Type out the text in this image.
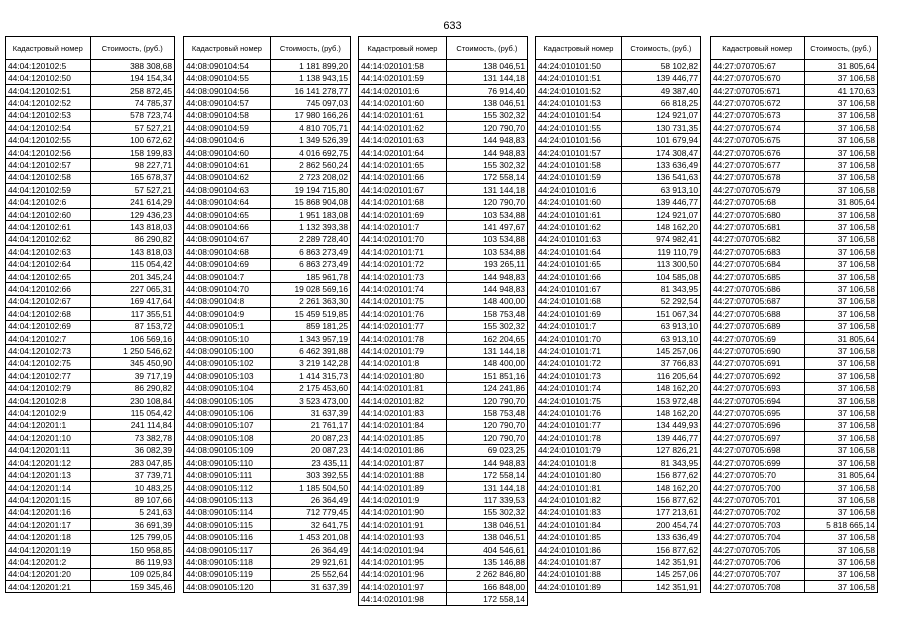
633
Кадастровый номер	Стоимость, (руб.)
44:04:120102:5	388 308,68
44:04:120102:50	194 154,34
44:04:120102:51	258 872,45
44:04:120102:52	74 785,37
44:04:120102:53	578 723,74
44:04:120102:54	57 527,21
44:04:120102:55	100 672,62
44:04:120102:56	158 199,83
44:04:120102:57	98 227,71
44:04:120102:58	165 678,37
44:04:120102:59	57 527,21
44:04:120102:6	241 614,29
44:04:120102:60	129 436,23
44:04:120102:61	143 818,03
44:04:120102:62	86 290,82
44:04:120102:63	143 818,03
44:04:120102:64	115 054,42
44:04:120102:65	201 345,24
44:04:120102:66	227 065,31
44:04:120102:67	169 417,64
44:04:120102:68	117 355,51
44:04:120102:69	87 153,72
44:04:120102:7	106 569,16
44:04:120102:73	1 250 546,62
44:04:120102:75	345 450,90
44:04:120102:77	39 717,19
44:04:120102:79	86 290,82
44:04:120102:8	230 108,84
44:04:120102:9	115 054,42
44:04:120201:1	241 114,84
44:04:120201:10	73 382,78
44:04:120201:11	36 082,39
44:04:120201:12	283 047,85
44:04:120201:13	37 739,71
44:04:120201:14	10 483,25
44:04:120201:15	89 107,66
44:04:120201:16	5 241,63
44:04:120201:17	36 691,39
44:04:120201:18	125 799,05
44:04:120201:19	150 958,85
44:04:120201:2	86 119,93
44:04:120201:20	109 025,84
44:04:120201:21	159 345,46
Кадастровый номер	Стоимость, (руб.)
44:08:090104:54	1 181 899,20
44:08:090104:55	1 138 943,15
44:08:090104:56	16 141 278,77
44:08:090104:57	745 097,03
44:08:090104:58	17 980 166,26
44:08:090104:59	4 810 705,71
44:08:090104:6	1 349 526,39
44:08:090104:60	4 016 692,75
44:08:090104:61	2 862 560,24
44:08:090104:62	2 723 208,02
44:08:090104:63	19 194 715,80
44:08:090104:64	15 868 904,08
44:08:090104:65	1 951 183,08
44:08:090104:66	1 132 393,38
44:08:090104:67	2 289 728,40
44:08:090104:68	6 863 273,49
44:08:090104:69	6 863 273,49
44:08:090104:7	185 961,78
44:08:090104:70	19 028 569,16
44:08:090104:8	2 261 363,30
44:08:090104:9	15 459 519,85
44:08:090105:1	859 181,25
44:08:090105:10	1 343 957,19
44:08:090105:100	6 462 391,88
44:08:090105:102	3 219 142,28
44:08:090105:103	1 414 315,73
44:08:090105:104	2 175 453,60
44:08:090105:105	3 523 473,00
44:08:090105:106	31 637,39
44:08:090105:107	21 761,17
44:08:090105:108	20 087,23
44:08:090105:109	20 087,23
44:08:090105:110	23 435,11
44:08:090105:111	303 392,55
44:08:090105:112	1 185 504,50
44:08:090105:113	26 364,49
44:08:090105:114	712 779,45
44:08:090105:115	32 641,75
44:08:090105:116	1 453 201,08
44:08:090105:117	26 364,49
44:08:090105:118	29 921,61
44:08:090105:119	25 552,64
44:08:090105:120	31 637,39
Кадастровый номер	Стоимость, (руб.)
44:14:020101:58	138 046,51
44:14:020101:59	131 144,18
44:14:020101:6	76 914,40
44:14:020101:60	138 046,51
44:14:020101:61	155 302,32
44:14:020101:62	120 790,70
44:14:020101:63	144 948,83
44:14:020101:64	144 948,83
44:14:020101:65	155 302,32
44:14:020101:66	172 558,14
44:14:020101:67	131 144,18
44:14:020101:68	120 790,70
44:14:020101:69	103 534,88
44:14:020101:7	141 497,67
44:14:020101:70	103 534,88
44:14:020101:71	103 534,88
44:14:020101:72	193 265,11
44:14:020101:73	144 948,83
44:14:020101:74	144 948,83
44:14:020101:75	148 400,00
44:14:020101:76	158 753,48
44:14:020101:77	155 302,32
44:14:020101:78	162 204,65
44:14:020101:79	131 144,18
44:14:020101:8	148 400,00
44:14:020101:80	151 851,16
44:14:020101:81	124 241,86
44:14:020101:82	120 790,70
44:14:020101:83	158 753,48
44:14:020101:84	120 790,70
44:14:020101:85	120 790,70
44:14:020101:86	69 023,25
44:14:020101:87	144 948,83
44:14:020101:88	172 558,14
44:14:020101:89	131 144,18
44:14:020101:9	117 339,53
44:14:020101:90	155 302,32
44:14:020101:91	138 046,51
44:14:020101:93	138 046,51
44:14:020101:94	404 546,61
44:14:020101:95	135 146,88
44:14:020101:96	2 262 846,80
44:14:020101:97	166 848,00
44:14:020101:98	172 558,14
Кадастровый номер	Стоимость, (руб.)
44:24:010101:50	58 102,82
44:24:010101:51	139 446,77
44:24:010101:52	49 387,40
44:24:010101:53	66 818,25
44:24:010101:54	124 921,07
44:24:010101:55	130 731,35
44:24:010101:56	101 679,94
44:24:010101:57	174 308,47
44:24:010101:58	133 636,49
44:24:010101:59	136 541,63
44:24:010101:6	63 913,10
44:24:010101:60	139 446,77
44:24:010101:61	124 921,07
44:24:010101:62	148 162,20
44:24:010101:63	974 982,41
44:24:010101:64	119 110,79
44:24:010101:65	113 300,50
44:24:010101:66	104 585,08
44:24:010101:67	81 343,95
44:24:010101:68	52 292,54
44:24:010101:69	151 067,34
44:24:010101:7	63 913,10
44:24:010101:70	63 913,10
44:24:010101:71	145 257,06
44:24:010101:72	37 766,83
44:24:010101:73	116 205,64
44:24:010101:74	148 162,20
44:24:010101:75	153 972,48
44:24:010101:76	148 162,20
44:24:010101:77	134 449,93
44:24:010101:78	139 446,77
44:24:010101:79	127 826,21
44:24:010101:8	81 343,95
44:24:010101:80	156 877,62
44:24:010101:81	148 162,20
44:24:010101:82	156 877,62
44:24:010101:83	177 213,61
44:24:010101:84	200 454,74
44:24:010101:85	133 636,49
44:24:010101:86	156 877,62
44:24:010101:87	142 351,91
44:24:010101:88	145 257,06
44:24:010101:89	142 351,91
Кадастровый номер	Стоимость, (руб.)
44:27:070705:67	31 805,64
44:27:070705:670	37 106,58
44:27:070705:671	41 170,63
44:27:070705:672	37 106,58
44:27:070705:673	37 106,58
44:27:070705:674	37 106,58
44:27:070705:675	37 106,58
44:27:070705:676	37 106,58
44:27:070705:677	37 106,58
44:27:070705:678	37 106,58
44:27:070705:679	37 106,58
44:27:070705:68	31 805,64
44:27:070705:680	37 106,58
44:27:070705:681	37 106,58
44:27:070705:682	37 106,58
44:27:070705:683	37 106,58
44:27:070705:684	37 106,58
44:27:070705:685	37 106,58
44:27:070705:686	37 106,58
44:27:070705:687	37 106,58
44:27:070705:688	37 106,58
44:27:070705:689	37 106,58
44:27:070705:69	31 805,64
44:27:070705:690	37 106,58
44:27:070705:691	37 106,58
44:27:070705:692	37 106,58
44:27:070705:693	37 106,58
44:27:070705:694	37 106,58
44:27:070705:695	37 106,58
44:27:070705:696	37 106,58
44:27:070705:697	37 106,58
44:27:070705:698	37 106,58
44:27:070705:699	37 106,58
44:27:070705:70	31 805,64
44:27:070705:700	37 106,58
44:27:070705:701	37 106,58
44:27:070705:702	37 106,58
44:27:070705:703	5 818 665,14
44:27:070705:704	37 106,58
44:27:070705:705	37 106,58
44:27:070705:706	37 106,58
44:27:070705:707	37 106,58
44:27:070705:708	37 106,58
